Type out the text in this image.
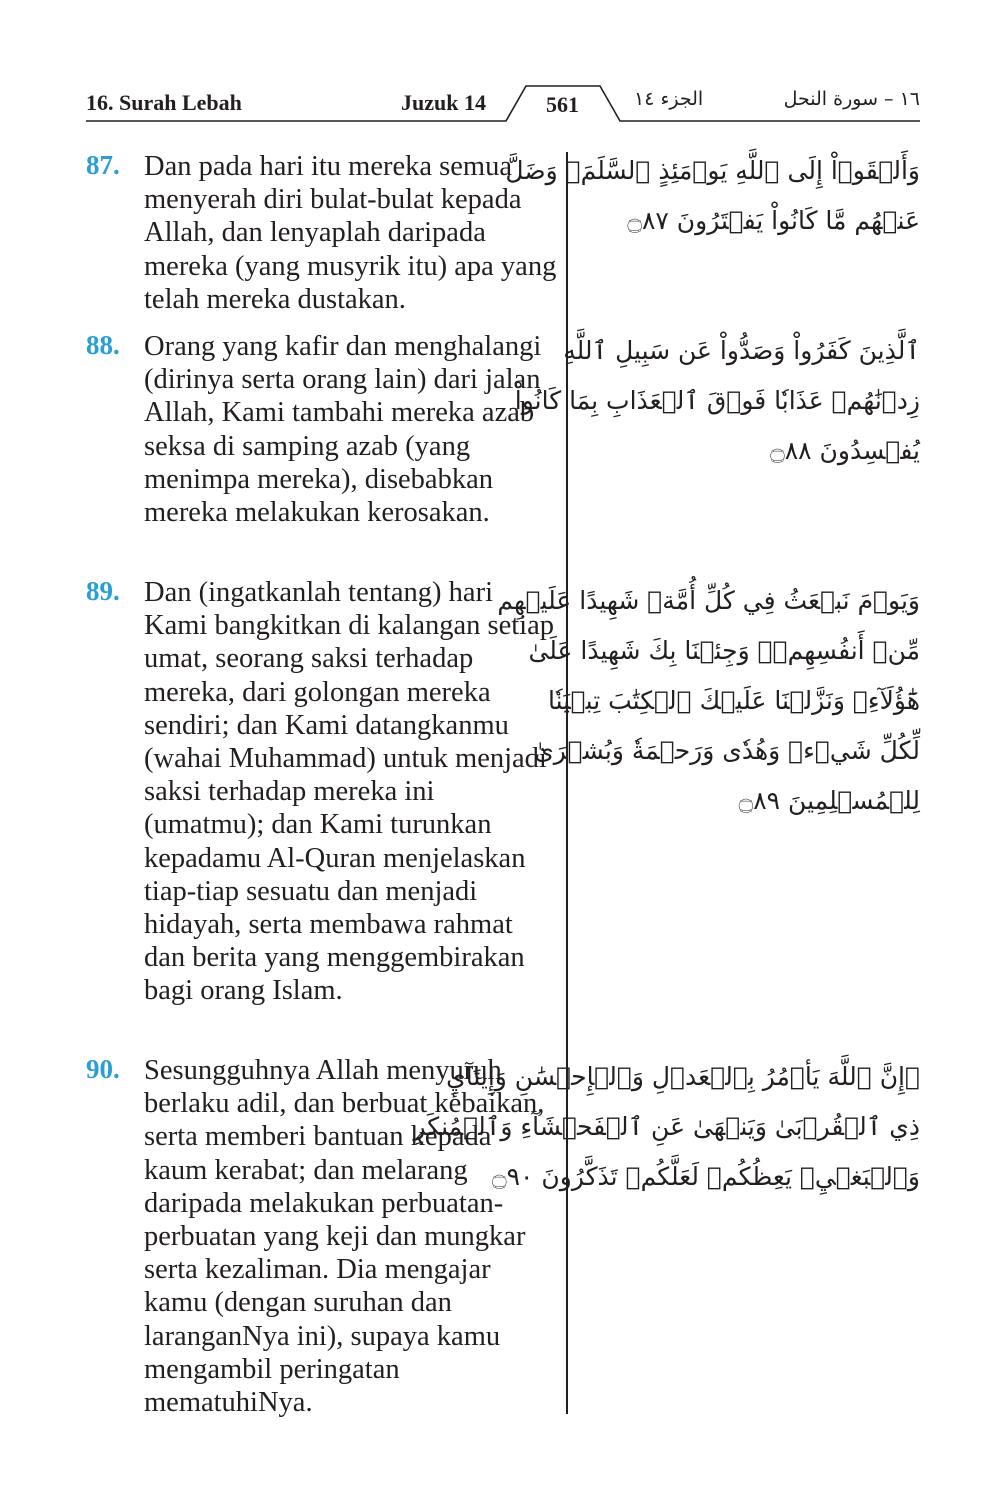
16. Surah Lebah	Juzuk 14	561	الجزء ١٤	١٦ – سورة النحل
87. Dan pada hari itu mereka semua menyerah diri bulat-bulat kepada Allah, dan lenyaplah daripada mereka (yang musyrik itu) apa yang telah mereka dustakan.
وَأَلۡقَوۡاْ إِلَى ٱللَّهِ يَوۡمَئِذٍ ٱلسَّلَمَۖ وَضَلَّ
عَنۡهُم مَّا كَانُواْ يَفۡتَرُونَ ۝٨٧
88. Orang yang kafir dan menghalangi (dirinya serta orang lain) dari jalan Allah, Kami tambahi mereka azab seksa di samping azab (yang menimpa mereka), disebabkan mereka melakukan kerosakan.
ٱلَّذِينَ كَفَرُواْ وَصَدُّواْ عَن سَبِيلِ ٱللَّهِ
زِدۡنَٰهُمۡ عَذَابٗا فَوۡقَ ٱلۡعَذَابِ بِمَا كَانُواْ
يُفۡسِدُونَ ۝٨٨
89. Dan (ingatkanlah tentang) hari Kami bangkitkan di kalangan setiap umat, seorang saksi terhadap mereka, dari golongan mereka sendiri; dan Kami datangkanmu (wahai Muhammad) untuk menjadi saksi terhadap mereka ini (umatmu); dan Kami turunkan kepadamu Al-Quran menjelaskan tiap-tiap sesuatu dan menjadi hidayah, serta membawa rahmat dan berita yang menggembirakan bagi orang Islam.
وَيَوۡمَ نَبۡعَثُ فِي كُلِّ أُمَّةٖ شَهِيدًا عَلَيۡهِم
مِّنۡ أَنفُسِهِمۡۖ وَجِئۡنَا بِكَ شَهِيدًا عَلَىٰ
هَٰٓؤُلَآءِۚ وَنَزَّلۡنَا عَلَيۡكَ ٱلۡكِتَٰبَ تِبۡيَٰنٗا
لِّكُلِّ شَيۡءٖ وَهُدٗى وَرَحۡمَةٗ وَبُشۡرَىٰ
لِلۡمُسۡلِمِينَ ۝٨٩
90. Sesungguhnya Allah menyuruh berlaku adil, dan berbuat kebaikan, serta memberi bantuan kepada kaum kerabat; dan melarang daripada melakukan perbuatan-perbuatan yang keji dan mungkar serta kezaliman. Dia mengajar kamu (dengan suruhan dan laranganNya ini), supaya kamu mengambil peringatan mematuhiNya.
۞إِنَّ ٱللَّهَ يَأۡمُرُ بِٱلۡعَدۡلِ وَٱلۡإِحۡسَٰنِ وَإِيتَآيِٕ
ذِي ٱلۡقُرۡبَىٰ وَيَنۡهَىٰ عَنِ ٱلۡفَحۡشَآءِ وَٱلۡمُنكَرِ
وَٱلۡبَغۡيِۚ يَعِظُكُمۡ لَعَلَّكُمۡ تَذَكَّرُونَ ۝٩٠
